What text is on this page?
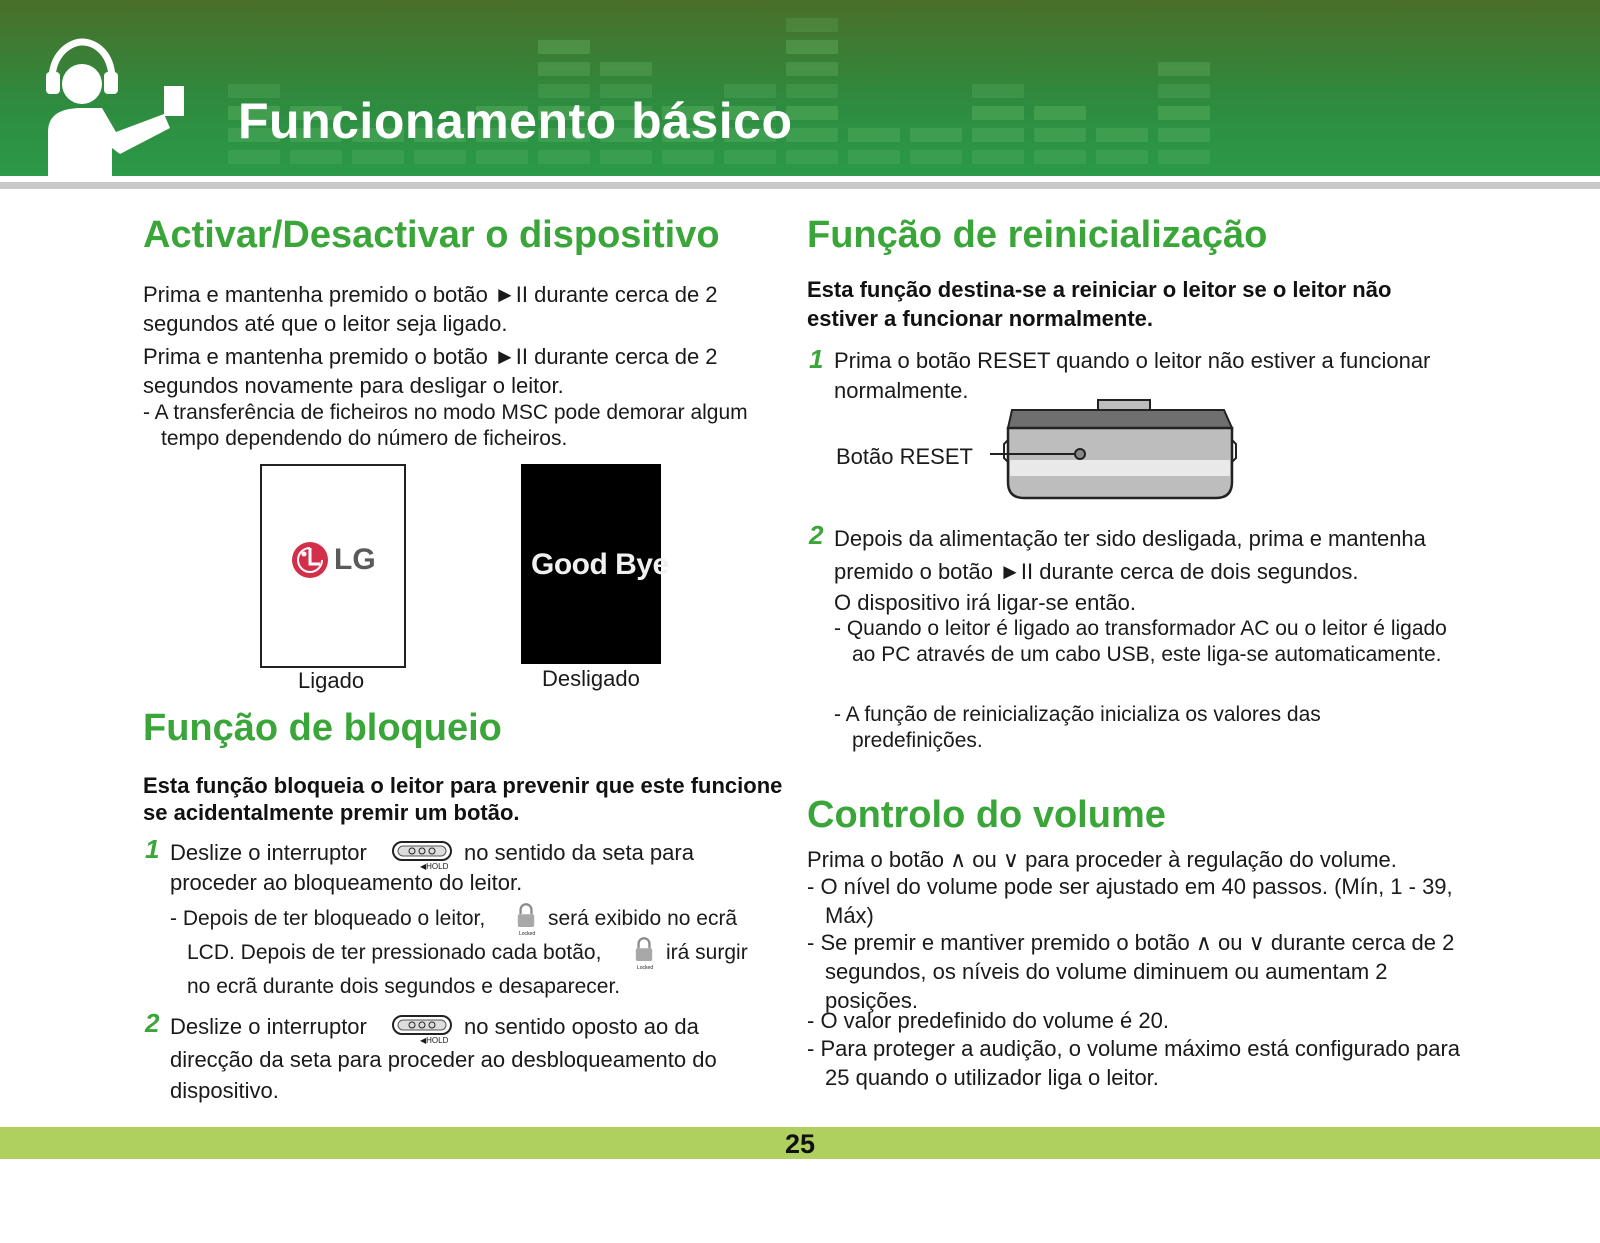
Funcionamento básico
Activar/Desactivar o dispositivo

Prima e mantenha premido o botão ►II durante cerca de 2 segundos até que o leitor seja ligado.

Prima e mantenha premido o botão ►II durante cerca de 2 segundos novamente para desligar o leitor.

- A transferência de ficheiros no modo MSC pode demorar algum tempo dependendo do número de ficheiros.

LG	Good Bye
Ligado	Desligado
Função de bloqueio

Esta função bloqueia o leitor para prevenir que este funcione se acidentalmente premir um botão.

1 Deslize o interruptor
◀HOLD
no sentido da seta para
proceder ao bloqueamento do leitor.
- Depois de ter bloqueado o leitor,
Locked
será exibido no ecrã
LCD. Depois de ter pressionado cada botão,
Locked
irá surgir
no ecrã durante dois segundos e desaparecer.
2 Deslize o interruptor
◀HOLD
no sentido oposto ao da

direcção da seta para proceder ao desbloqueamento do dispositivo.

Função de reinicialização

Esta função destina-se a reiniciar o leitor se o leitor não estiver a funcionar normalmente.

1 Prima o botão RESET quando o leitor não estiver a funcionar normalmente.

Botão RESET
2 Depois da alimentação ter sido desligada, prima e mantenha premido o botão ►II durante cerca de dois segundos.

O dispositivo irá ligar-se então.

- Quando o leitor é ligado ao transformador AC ou o leitor é ligado ao PC através de um cabo USB, este liga-se automaticamente.

- A função de reinicialização inicializa os valores das predefinições.

Controlo do volume

Prima o botão ∧ ou ∨ para proceder à regulação do volume.

- O nível do volume pode ser ajustado em 40 passos. (Mín, 1 - 39, Máx)

- Se premir e mantiver premido o botão ∧ ou ∨ durante cerca de 2 segundos, os níveis do volume diminuem ou aumentam 2 posições.

- O valor predefinido do volume é 20.

- Para proteger a audição, o volume máximo está configurado para 25 quando o utilizador liga o leitor.

25
